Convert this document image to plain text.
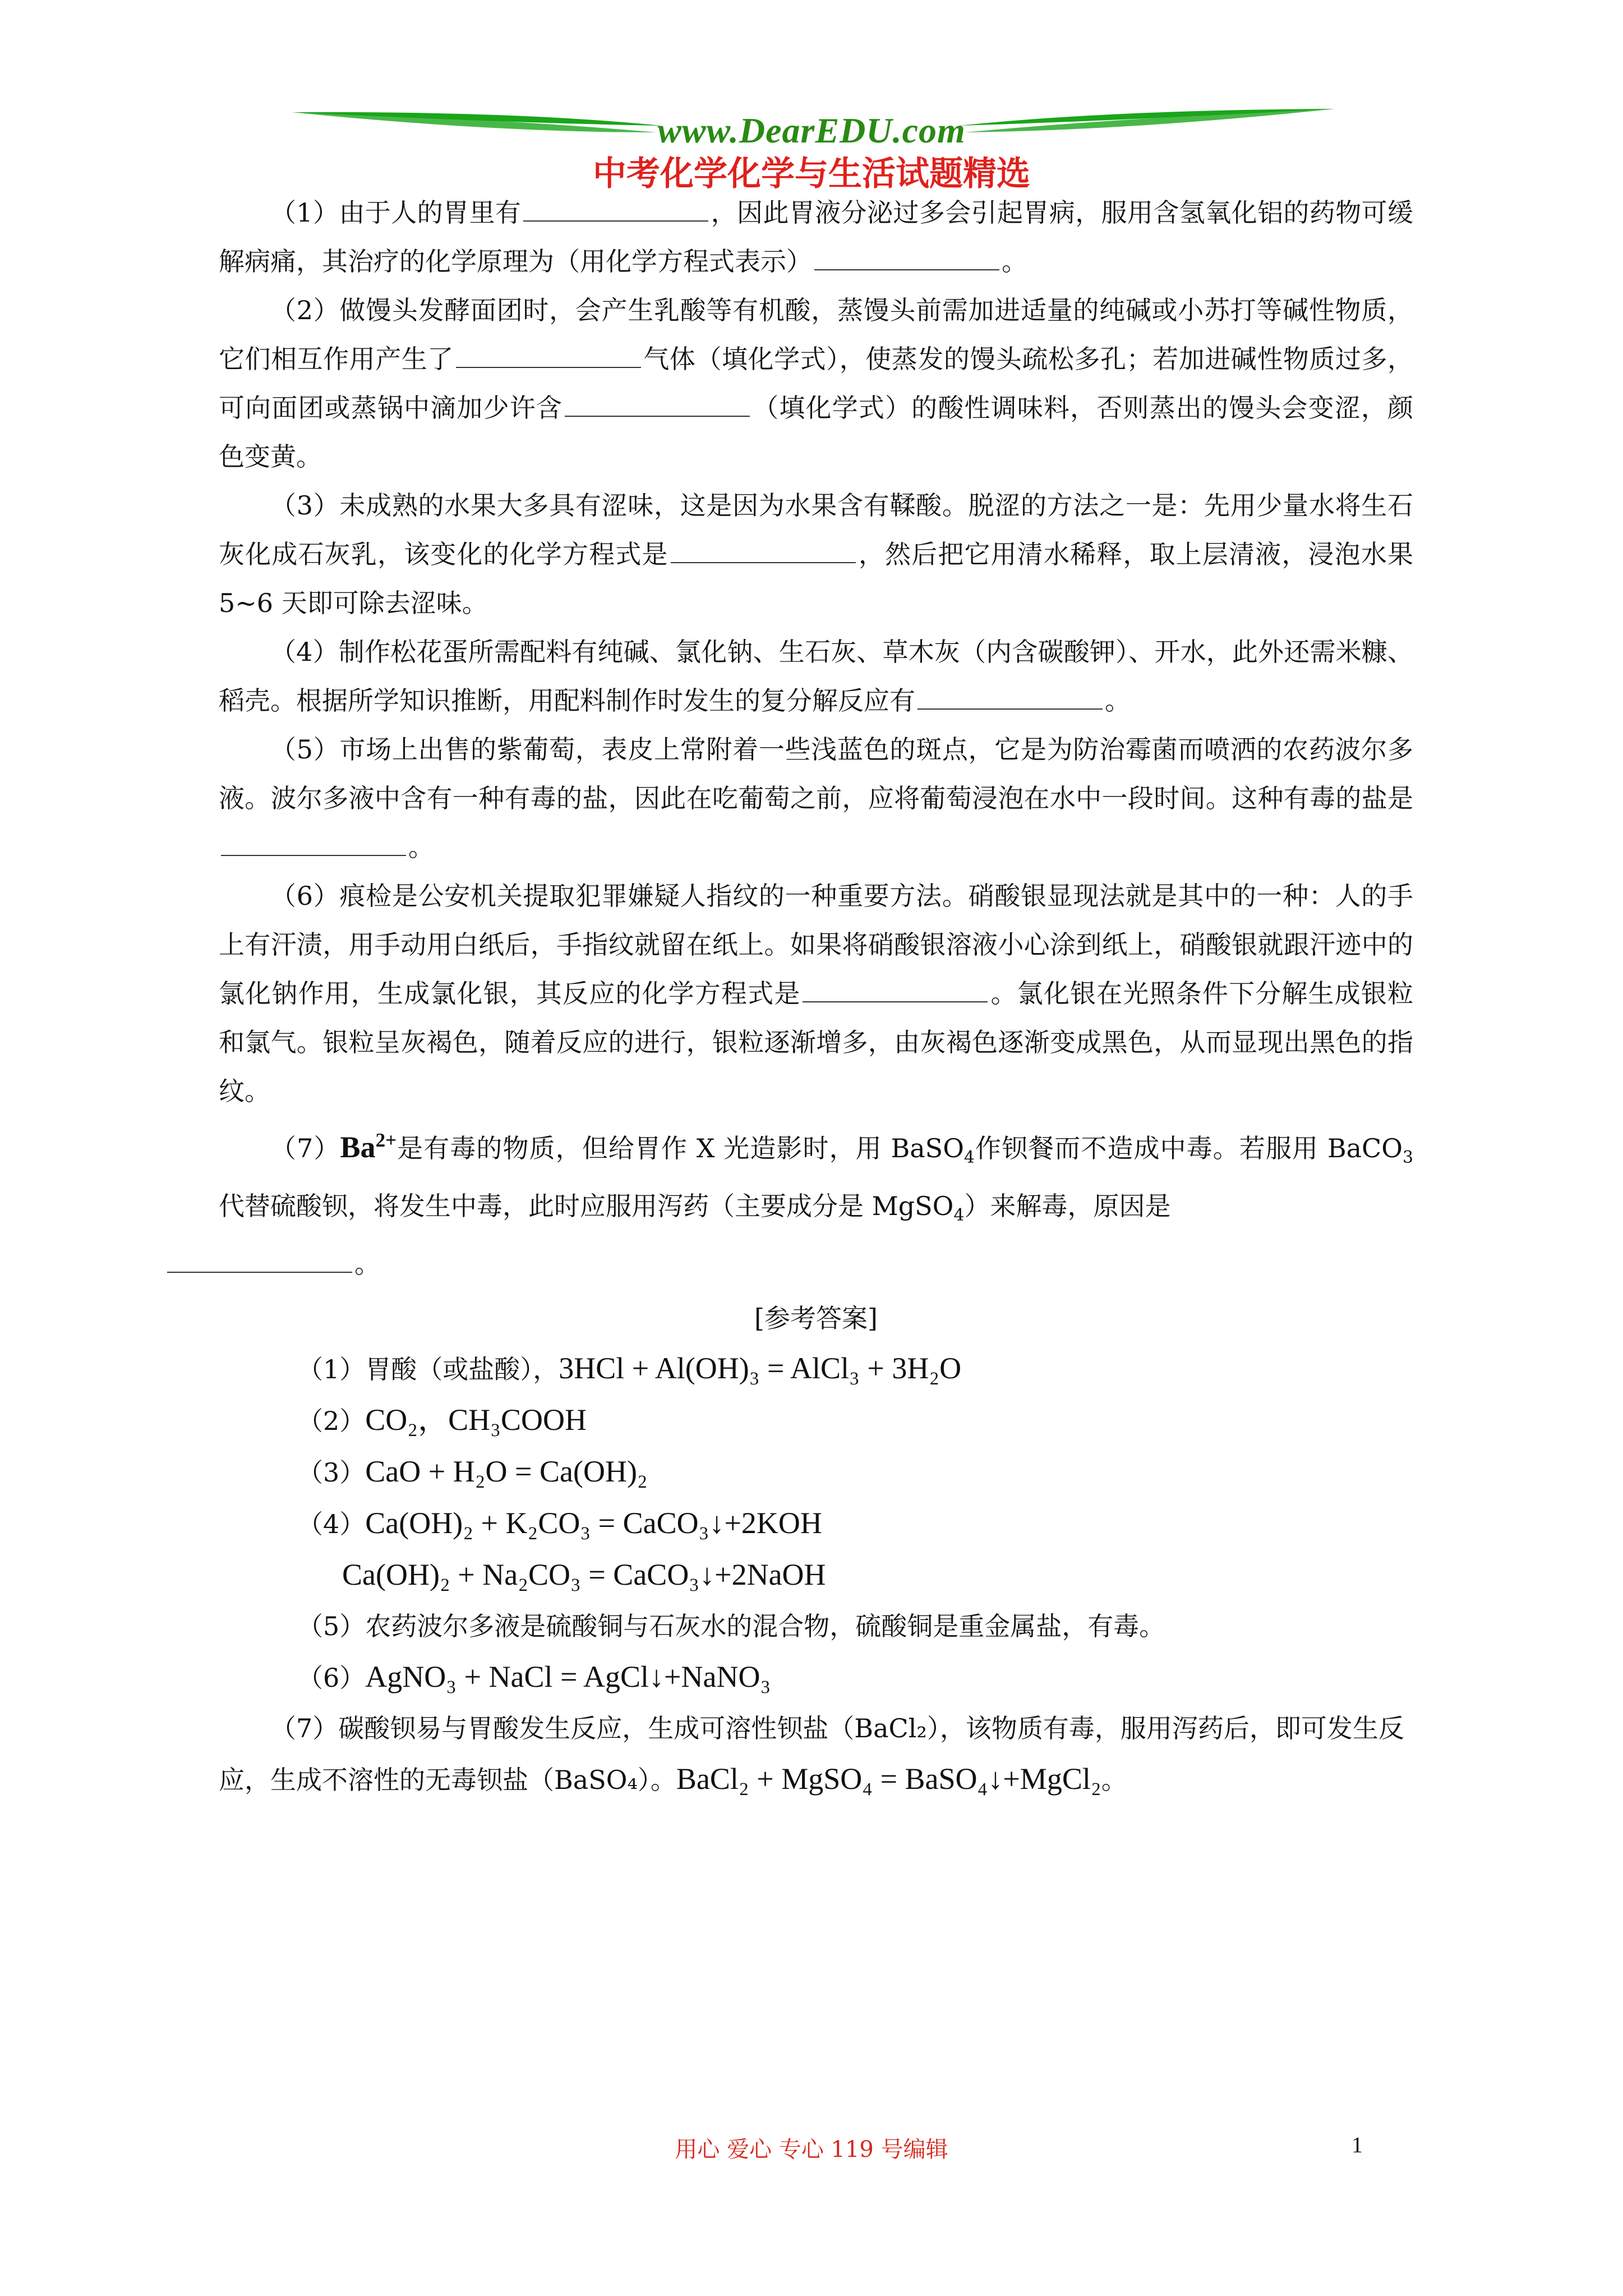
www.DearEDU.com
中考化学化学与生活试题精选

（1）由于人的胃里有	，因此胃液分泌过多会引起胃病，服用含氢氧化铝的药物可缓解病痛，其治疗的化学原理为（用化学方程式表示）	。

（2）做馒头发酵面团时，会产生乳酸等有机酸，蒸馒头前需加进适量的纯碱或小苏打等碱性物质，它们相互作用产生了	气体（填化学式），使蒸发的馒头疏松多孔；若加进碱性物质过多，可向面团或蒸锅中滴加少许含	（填化学式）的酸性调味料，否则蒸出的馒头会变涩，颜色变黄。

（3）未成熟的水果大多具有涩味，这是因为水果含有鞣酸。脱涩的方法之一是：先用少量水将生石灰化成石灰乳，该变化的化学方程式是	，然后把它用清水稀释，取上层清液，浸泡水果 5~6 天即可除去涩味。

（4）制作松花蛋所需配料有纯碱、氯化钠、生石灰、草木灰（内含碳酸钾）、开水，此外还需米糠、稻壳。根据所学知识推断，用配料制作时发生的复分解反应有	。

（5）市场上出售的紫葡萄，表皮上常附着一些浅蓝色的斑点，它是为防治霉菌而喷洒的农药波尔多液。波尔多液中含有一种有毒的盐，因此在吃葡萄之前，应将葡萄浸泡在水中一段时间。这种有毒的盐是。

（6）痕检是公安机关提取犯罪嫌疑人指纹的一种重要方法。硝酸银显现法就是其中的一种：人的手上有汗渍，用手动用白纸后，手指纹就留在纸上。如果将硝酸银溶液小心涂到纸上，硝酸银就跟汗迹中的氯化钠作用，生成氯化银，其反应的化学方程式是	。氯化银在光照条件下分解生成银粒和氯气。银粒呈灰褐色，随着反应的进行，银粒逐渐增多，由灰褐色逐渐变成黑色，从而显现出黑色的指纹。

$(7)Ba^{2+}$是有毒的物质，但给胃作 X 光造影时，用 BaSO$_4$作钡餐而不造成中毒。若服用 BaCO$_3$代替硫酸钡，将发生中毒，此时应服用泻药（主要成分是 MgSO$_4$）来解毒，原因是
。

[参考答案]

（1）胃酸（或盐酸），3HCl + Al(OH)₃ = AlCl₃ + 3H₂O

（2）CO₂，CH₃COOH

（3）CaO + H₂O = Ca(OH)₂

（4）Ca(OH)₂ + K₂CO₃ = CaCO₃↓+2KOH

Ca(OH)₂ + Na₂CO₃ = CaCO₃↓+2NaOH

（5）农药波尔多液是硫酸铜与石灰水的混合物，硫酸铜是重金属盐，有毒。

（6）AgNO₃ + NaCl = AgCl↓+NaNO₃

（7）碳酸钡易与胃酸发生反应，生成可溶性钡盐（BaCl₂），该物质有毒，服用泻药后，即可发生反应，生成不溶性的无毒钡盐（BaSO₄）。BaCl₂ + MgSO₄ = BaSO₄↓+MgCl₂。

用心 爱心 专心 119 号编辑	1
